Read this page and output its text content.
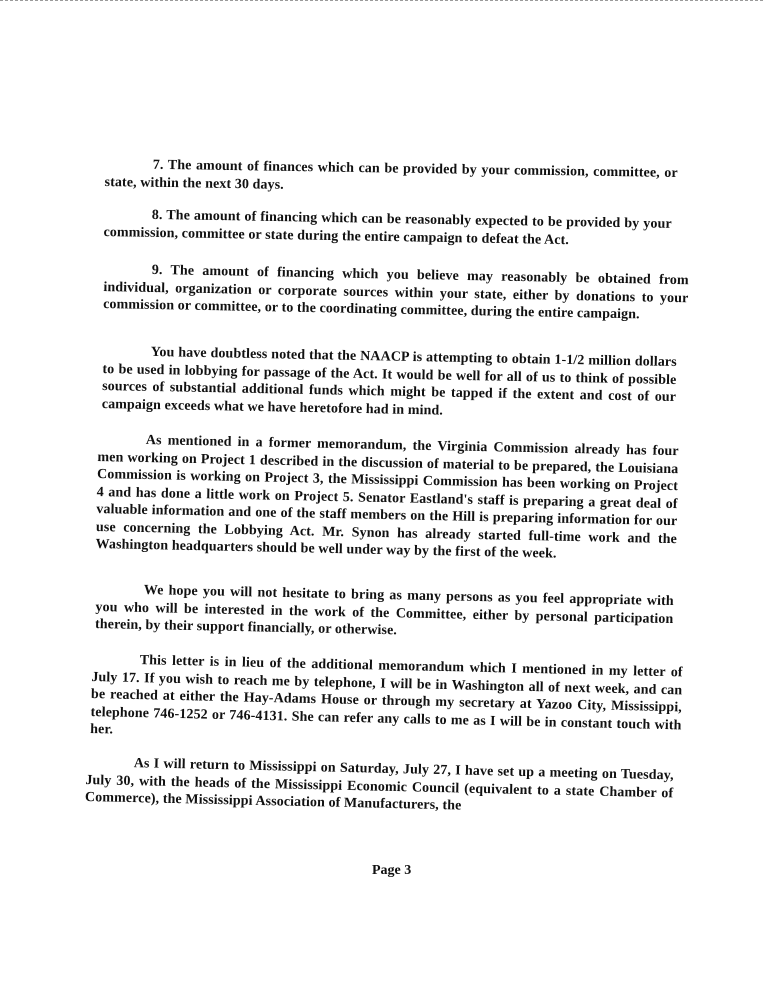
7. The amount of finances which can be provided by your commission, committee, or state, within the next 30 days.

8. The amount of financing which can be reasonably expected to be provided by your commission, committee or state during the entire campaign to defeat the Act.

9. The amount of financing which you believe may reasonably be obtained from individual, organization or corporate sources within your state, either by donations to your commission or committee, or to the coordinating committee, during the entire campaign.

You have doubtless noted that the NAACP is attempting to obtain 1-1/2 million dollars to be used in lobbying for passage of the Act. It would be well for all of us to think of possible sources of substantial additional funds which might be tapped if the extent and cost of our campaign exceeds what we have heretofore had in mind.

As mentioned in a former memorandum, the Virginia Commission already has four men working on Project 1 described in the discussion of material to be prepared, the Louisiana Commission is working on Project 3, the Mississippi Commission has been working on Project 4 and has done a little work on Project 5. Senator Eastland's staff is preparing a great deal of valuable information and one of the staff members on the Hill is preparing information for our use concerning the Lobbying Act. Mr. Synon has already started full-time work and the Washington headquarters should be well under way by the first of the week.

We hope you will not hesitate to bring as many persons as you feel appropriate with you who will be interested in the work of the Committee, either by personal participation therein, by their support financially, or otherwise.

This letter is in lieu of the additional memorandum which I mentioned in my letter of July 17. If you wish to reach me by telephone, I will be in Washington all of next week, and can be reached at either the Hay-Adams House or through my secretary at Yazoo City, Mississippi, telephone 746-1252 or 746-4131. She can refer any calls to me as I will be in constant touch with her.

As I will return to Mississippi on Saturday, July 27, I have set up a meeting on Tuesday, July 30, with the heads of the Mississippi Economic Council (equivalent to a state Chamber of Commerce), the Mississippi Association of Manufacturers, the

Page 3
